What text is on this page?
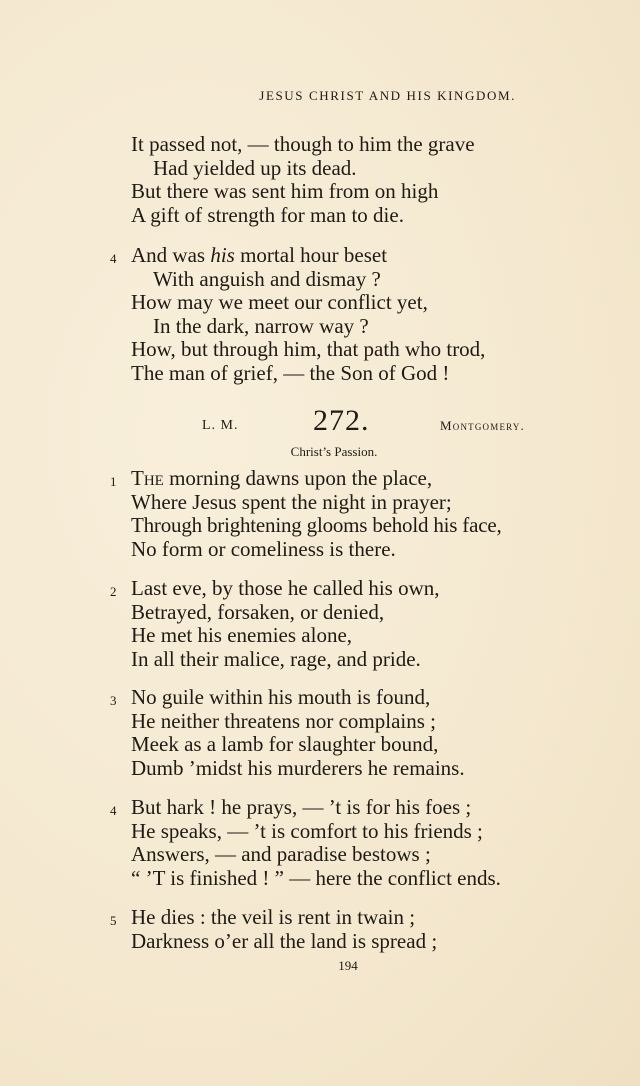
JESUS CHRIST AND HIS KINGDOM.
It passed not, — though to him the grave
Had yielded up its dead.
But there was sent him from on high
A gift of strength for man to die.
4 And was his mortal hour beset
With anguish and dismay ?
How may we meet our conflict yet,
In the dark, narrow way ?
How, but through him, that path who trod,
The man of grief, — the Son of God !
L. M. 272.	Montgomery.
Christ’s Passion.
1 The morning dawns upon the place,
Where Jesus spent the night in prayer;
Through brightening glooms behold his face,
No form or comeliness is there.
2 Last eve, by those he called his own,
Betrayed, forsaken, or denied,
He met his enemies alone,
In all their malice, rage, and pride.
3 No guile within his mouth is found,
He neither threatens nor complains ;
Meek as a lamb for slaughter bound,
Dumb ’midst his murderers he remains.
4 But hark ! he prays, — ’t is for his foes ;
He speaks, — ’t is comfort to his friends ;
Answers, — and paradise bestows ;
“ ’T is finished ! ” — here the conflict ends.
5 He dies : the veil is rent in twain ;
Darkness o’er all the land is spread ;
194
